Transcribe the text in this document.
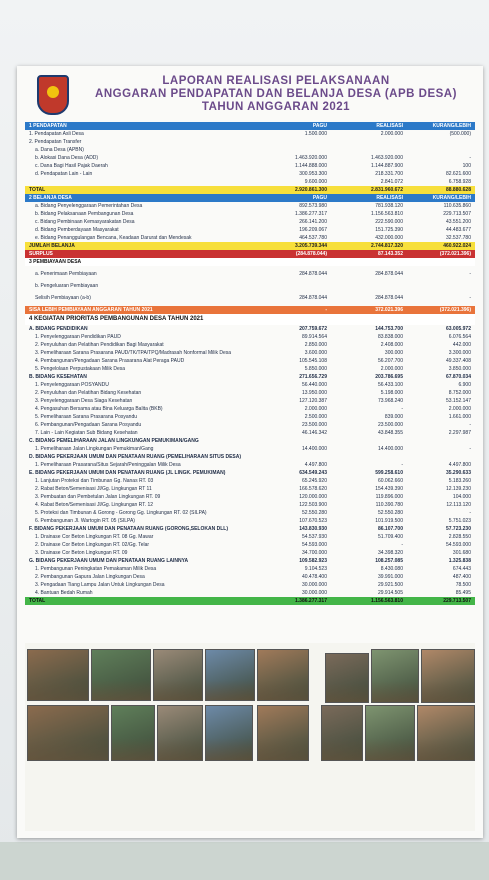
LAPORAN REALISASI PELAKSANAAN
ANGGARAN PENDAPATAN DAN BELANJA DESA (APB DESA)
TAHUN ANGGARAN 2021
1 PENDAPATAN	PAGU	REALISASI	KURANG/LEBIH
1. Pendapatan Asli Desa	1.500.000	2.000.000	(500.000)
2. Pendapatan Transfer
a. Dana Desa (APBN)
b. Alokasi Dana Desa (ADD)	1.463.920.000	1.463.920.000	-
c. Dana Bagi Hasil Pajak Daerah	1.144.888.000	1.144.887.900	100
d. Pendapatan Lain - Lain	300.953.300	218.331.700	82.621.600
9.600.000	2.841.072	6.758.928
TOTAL	2.920.861.300	2.831.960.672	88.880.628
2 BELANJA DESA	PAGU	REALISASI	KURANG/LEBIH
a. Bidang Penyelenggaraan Pemerintahan Desa	892.573.980	781.938.120	110.635.860
b. Bidang Pelaksanaan Pembangunan Desa	1.386.277.317	1.156.563.810	229.713.507
c. Bidang Pembinaan Kemasyarakatan Desa	266.141.200	222.590.000	43.551.200
d. Bidang Pemberdayaan Masyarakat	196.209.067	151.725.390	44.483.677
e. Bidang Penanggulangan Bencana, Keadaan Darurat dan Mendesak	464.537.780	432.000.000	32.537.780
JUMLAH BELANJA	3.205.739.344	2.744.817.320	460.922.024
SURPLUS	(284.878.044)	87.143.352	(372.021.396)
3 PEMBIAYAAN DESA
a. Penerimaan Pembiayaan	284.878.044	284.878.044	-
b. Pengeluaran Pembiayaan
Selisih Pembiayaan (a-b)	284.878.044	284.878.044	-
SISA LEBIH PEMBIAYAAN ANGGARAN TAHUN 2021	-	372.021.396	(372.021.396)
4 KEGIATAN PRIORITAS PEMBANGUNAN DESA TAHUN 2021
A. BIDANG PENDIDIKAN	207.759.672	144.753.700	63.005.972
1. Penyelenggaraan Pendidikan PAUD	89.914.564	83.838.000	6.076.564
2. Penyuluhan dan Pelatihan Pendidikan Bagi Masyarakat	2.850.000	2.408.000	442.000
3. Pemeliharaan Sarana Prasarana PAUD/TK/TPA/TPQ/Madrasah Nonformal Milik Desa	3.600.000	300.000	3.300.000
4. Pembangunan/Pengadaan Sarana Prasarana Alat Peraga PAUD	105.545.108	56.207.700	49.337.408
5. Pengelolaan Perpustakaan Milik Desa	5.850.000	2.000.000	3.850.000
B. BIDANG KESEHATAN	271.656.729	203.786.695	67.870.034
1. Penyelenggaraan POSYANDU	56.440.000	56.433.100	6.900
2. Penyuluhan dan Pelatihan Bidang Kesehatan	13.950.000	5.198.000	8.752.000
3. Penyelenggaraan Desa Siaga Kesehatan	127.120.387	73.968.240	53.152.147
4. Pengasuhan Bersama atau Bina Keluarga Balita (BKB)	2.000.000	-	2.000.000
5. Pemeliharaan Sarana Prasarana Posyandu	2.500.000	839.000	1.661.000
6. Pembangunan/Pengadaan Sarana Posyandu	23.500.000	23.500.000	-
7. Lain - Lain Kegiatan Sub Bidang Kesehatan	46.146.342	43.848.355	2.297.987
C. BIDANG PEMELIHARAAN JALAN LINGKUNGAN PEMUKIMAN/GANG
1. Pemeliharaan Jalan Lingkungan Pemukiman/Gang	14.400.000	14.400.000	-
D. BIDANG PEKERJAAN UMUM DAN PENATAAN RUANG (PEMELIHARAAN SITUS DESA)
1. Pemeliharaan Prasarana/Situs Sejarah/Peninggalan Milik Desa	4.497.800	-	4.497.800
E. BIDANG PEKERJAAN UMUM DAN PENATAAN RUANG (JL LINGK. PEMUKIMAN)	634.549.243	599.258.610	35.290.633
1. Lanjutan Proteksi dan Timbunan Gg. Nanas RT. 03	65.245.920	60.062.660	5.183.260
2. Rabat Beton/Semenisasi Jl/Gg. Lingkungan RT 11	166.578.620	154.439.390	12.139.230
3. Pembuatan dan Pembetulan Jalan Lingkungan RT. 09	120.000.000	119.896.000	104.000
4. Rabat Beton/Semenisasi Jl/Gg. Lingkungan RT. 12	122.503.900	110.390.780	12.113.120
5. Proteksi dan Timbunan & Gorong - Gorong Gg. Lingkungan RT. 02 (SILPA)	52.550.280	52.550.280	-
6. Pembangunan Jl. Wartogin RT. 05 (SILPA)	107.670.523	101.919.500	5.751.023
F. BIDANG PEKERJAAN UMUM DAN PENATAAN RUANG (GORONG,SELOKAN DLL)	143.830.930	86.107.700	57.723.230
1. Drainase Cor Beton Lingkungan RT. 08 Gg. Mawar	54.537.930	51.709.400	2.828.550
2. Drainase Cor Beton Lingkungan RT. 02/Gg. Telar	54.593.000	-	54.593.000
3. Drainase Cor Beton Lingkungan RT. 09	34.700.000	34.398.320	301.680
G. BIDANG PEKERJAAN UMUM DAN PENATAAN RUANG LAINNYA	109.582.923	108.257.085	1.325.838
1. Pembangunan Peningkatan Pemakaman Milik Desa	9.104.523	8.430.080	674.443
2. Pembangunan Gapura Jalan Lingkungan Desa	40.478.400	39.991.000	487.400
3. Pengadaan Tiang Lampu Jalan Untuk Lingkungan Desa	30.000.000	29.921.500	78.500
4. Bantuan Bedah Rumah	30.000.000	29.914.505	85.495
TOTAL	1.386.277.317	1.156.563.810	229.713.507
